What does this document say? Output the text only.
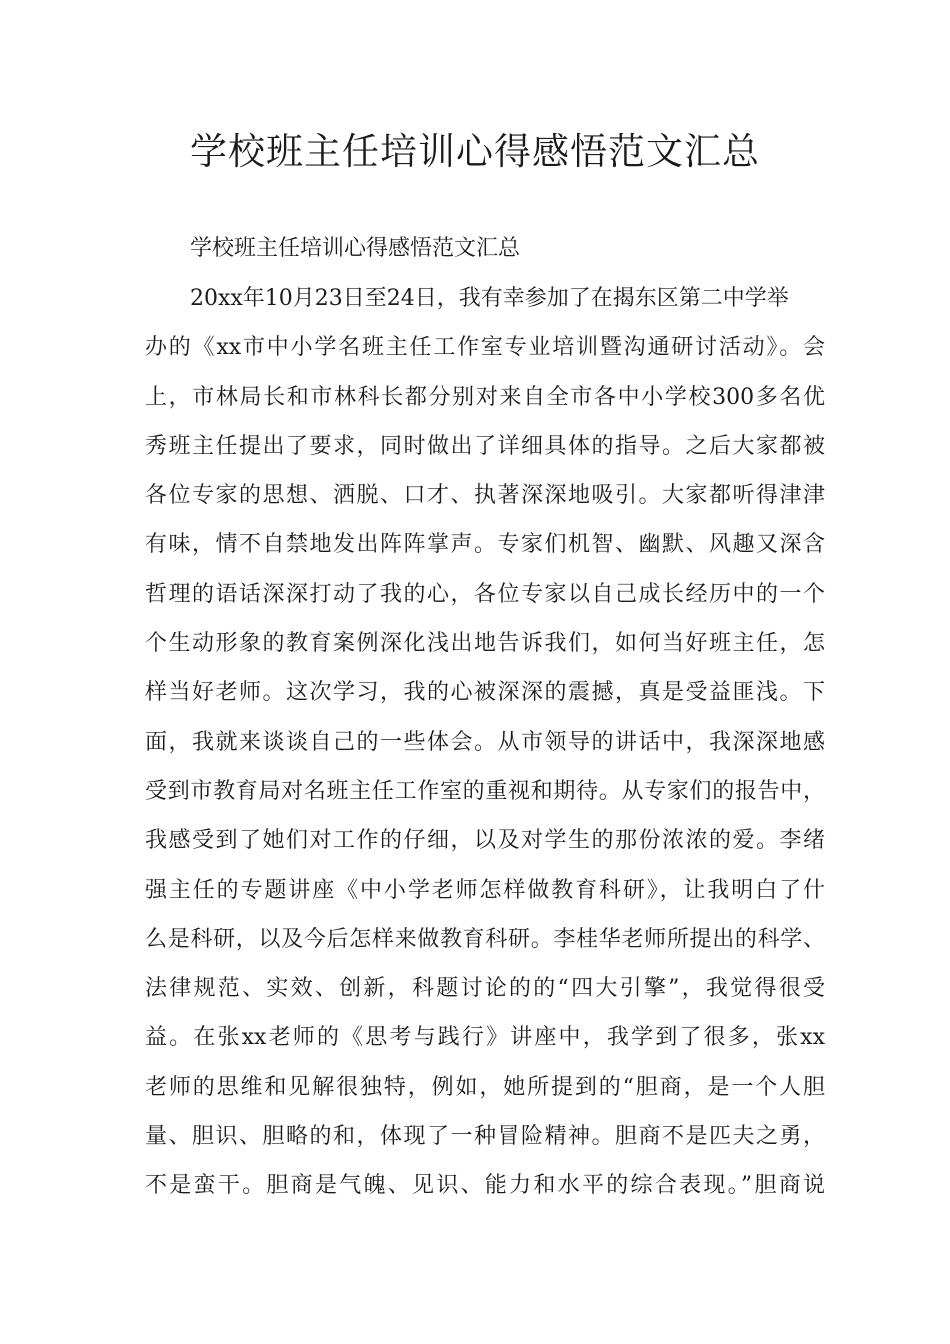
学校班主任培训心得感悟范文汇总

学校班主任培训心得感悟范文汇总

20xx年10月23日至24日，我有幸参加了在揭东区第二中学举
办的《xx市中小学名班主任工作室专业培训暨沟通研讨活动》。会
上，市林局长和市林科长都分别对来自全市各中小学校300多名优
秀班主任提出了要求，同时做出了详细具体的指导。之后大家都被
各位专家的思想、洒脱、口才、执著深深地吸引。大家都听得津津
有味，情不自禁地发出阵阵掌声。专家们机智、幽默、风趣又深含
哲理的语话深深打动了我的心，各位专家以自己成长经历中的一个
个生动形象的教育案例深化浅出地告诉我们，如何当好班主任，怎
样当好老师。这次学习，我的心被深深的震撼，真是受益匪浅。下
面，我就来谈谈自己的一些体会。从市领导的讲话中，我深深地感
受到市教育局对名班主任工作室的重视和期待。从专家们的报告中，
我感受到了她们对工作的仔细，以及对学生的那份浓浓的爱。李绪
强主任的专题讲座《中小学老师怎样做教育科研》，让我明白了什
么是科研，以及今后怎样来做教育科研。李桂华老师所提出的科学、
法律规范、实效、创新，科题讨论的的“四大引擎”，我觉得很受
益。在张xx老师的《思考与践行》讲座中，我学到了很多，张xx
老师的思维和见解很独特，例如，她所提到的“胆商，是一个人胆
量、胆识、胆略的和，体现了一种冒险精神。胆商不是匹夫之勇，
不是蛮干。胆商是气魄、见识、能力和水平的综合表现。”胆商说
